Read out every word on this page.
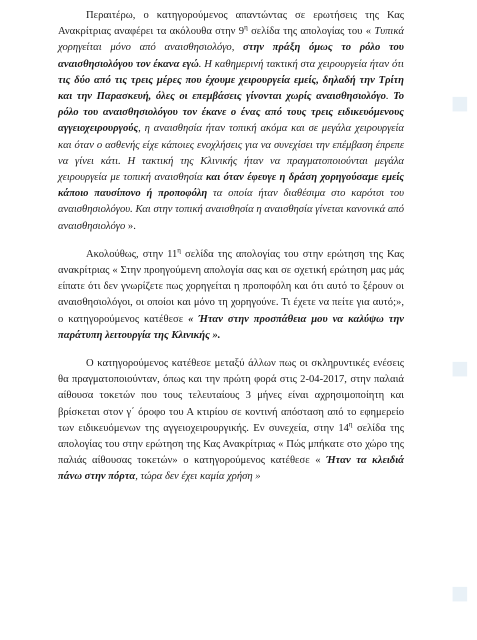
■
■
■

Περαιτέρω, ο κατηγορούμενος απαντώντας σε ερωτήσεις της Κας Ανακρίτριας αναφέρει τα ακόλουθα στην $9^\eta$ σελίδα της απολογίας του « Τυπικά χορηγείται μόνο από αναισθησιολόγο, στην πράξη όμως το ρόλο του αναισθησιολόγου τον έκανα εγώ. Η καθημερινή τακτική στα χειρουργεία ήταν ότι τις δύο από τις τρεις μέρες που έχουμε χειρουργεία εμείς, δηλαδή την Τρίτη και την Παρασκευή, όλες οι επεμβάσεις γίνονται χωρίς αναισθησιολόγο. Το ρόλο του αναισθησιολόγου τον έκανε ο ένας από τους τρεις ειδικευόμενους αγγειοχειρουργούς, η αναισθησία ήταν τοπική ακόμα και σε μεγάλα χειρουργεία και όταν ο ασθενής είχε κάποιες ενοχλήσεις για να συνεχίσει την επέμβαση έπρεπε να γίνει κάτι. Η τακτική της Κλινικής ήταν να πραγματοποιούνται μεγάλα χειρουργεία με τοπική αναισθησία και όταν έφευγε η δράση χορηγούσαμε εμείς κάποιο παυσίπονο ή προποφόλη τα οποία ήταν διαθέσιμα στο καρότσι του αναισθησιολόγου. Και στην τοπική αναισθησία η αναισθησία γίνεται κανονικά από αναισθησιολόγο ».

Ακολούθως, στην $11^\eta$ σελίδα της απολογίας του στην ερώτηση της Κας ανακρίτριας « Στην προηγούμενη απολογία σας και σε σχετική ερώτηση μας μάς είπατε ότι δεν γνωρίζετε πως χορηγείται η προποφόλη και ότι αυτό το ξέρουν οι αναισθησιολόγοι, οι οποίοι και μόνο τη χορηγούνε. Τι έχετε να πείτε για αυτό;», ο κατηγορούμενος κατέθεσε « Ήταν στην προσπάθεια μου να καλύψω την παράτυπη λειτουργία της Κλινικής ».

Ο κατηγορούμενος κατέθεσε μεταξύ άλλων πως οι σκληρυντικές ενέσεις θα πραγματοποιούνταν, όπως και την πρώτη φορά στις 2-04-2017, στην παλαιά αίθουσα τοκετών που τους τελευταίους 3 μήνες είναι αχρησιμοποίητη και βρίσκεται στον γ΄ όροφο του Α κτιρίου σε κοντινή απόσταση από το εφημερείο των ειδικευόμενων της αγγειοχειρουργικής. Εν συνεχεία, στην $14^\eta$ σελίδα της απολογίας του στην ερώτηση της Κας Ανακρίτριας « Πώς μπήκατε στο χώρο της παλιάς αίθουσας τοκετών» ο κατηγορούμενος κατέθεσε « Ήταν τα κλειδιά πάνω στην πόρτα, τώρα δεν έχει καμία χρήση »
